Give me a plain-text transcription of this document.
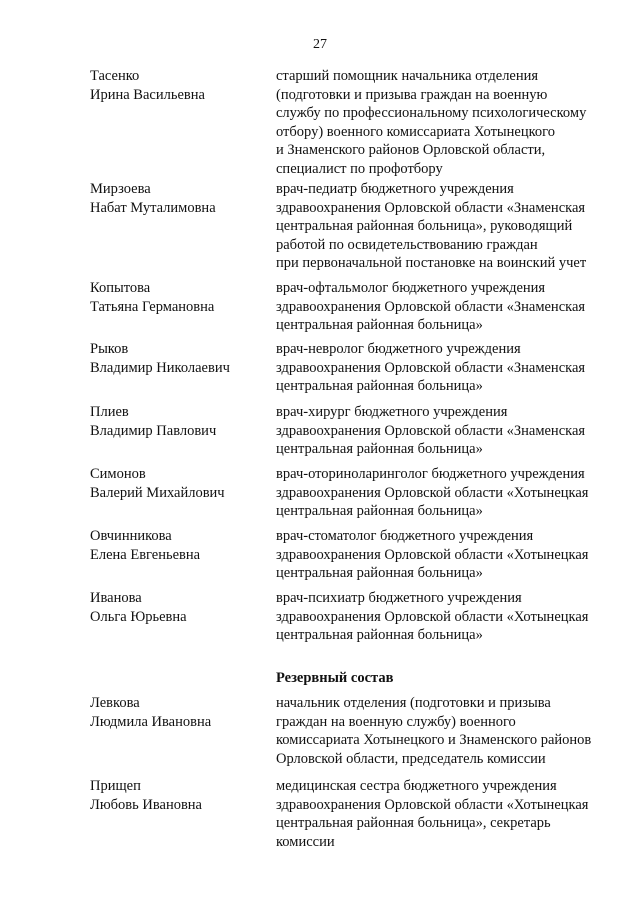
27
Тасенко
Ирина Васильевна
старший помощник начальника отделения
(подготовки и призыва граждан на военную
службу по профессиональному психологическому
отбору) военного комиссариата Хотынецкого
и Знаменского районов Орловской области,
специалист по профотбору
Мирзоева
Набат Муталимовна
врач-педиатр бюджетного учреждения
здравоохранения Орловской области «Знаменская
центральная районная больница», руководящий
работой по освидетельствованию граждан
при первоначальной постановке на воинский учет
Копытова
Татьяна Германовна
врач-офтальмолог бюджетного учреждения
здравоохранения Орловской области «Знаменская
центральная районная больница»
Рыков
Владимир Николаевич
врач-невролог бюджетного учреждения
здравоохранения Орловской области «Знаменская
центральная районная больница»
Плиев
Владимир Павлович
врач-хирург бюджетного учреждения
здравоохранения Орловской области «Знаменская
центральная районная больница»
Симонов
Валерий Михайлович
врач-оториноларинголог бюджетного учреждения
здравоохранения Орловской области «Хотынецкая
центральная районная больница»
Овчинникова
Елена Евгеньевна
врач-стоматолог бюджетного учреждения
здравоохранения Орловской области «Хотынецкая
центральная районная больница»
Иванова
Ольга Юрьевна
врач-психиатр бюджетного учреждения
здравоохранения Орловской области «Хотынецкая
центральная районная больница»
Резервный состав
Левкова
Людмила Ивановна
начальник отделения (подготовки и призыва
граждан на военную службу) военного
комиссариата Хотынецкого и Знаменского районов
Орловской области, председатель комиссии
Прищеп
Любовь Ивановна
медицинская сестра бюджетного учреждения
здравоохранения Орловской области «Хотынецкая
центральная районная больница», секретарь
комиссии
